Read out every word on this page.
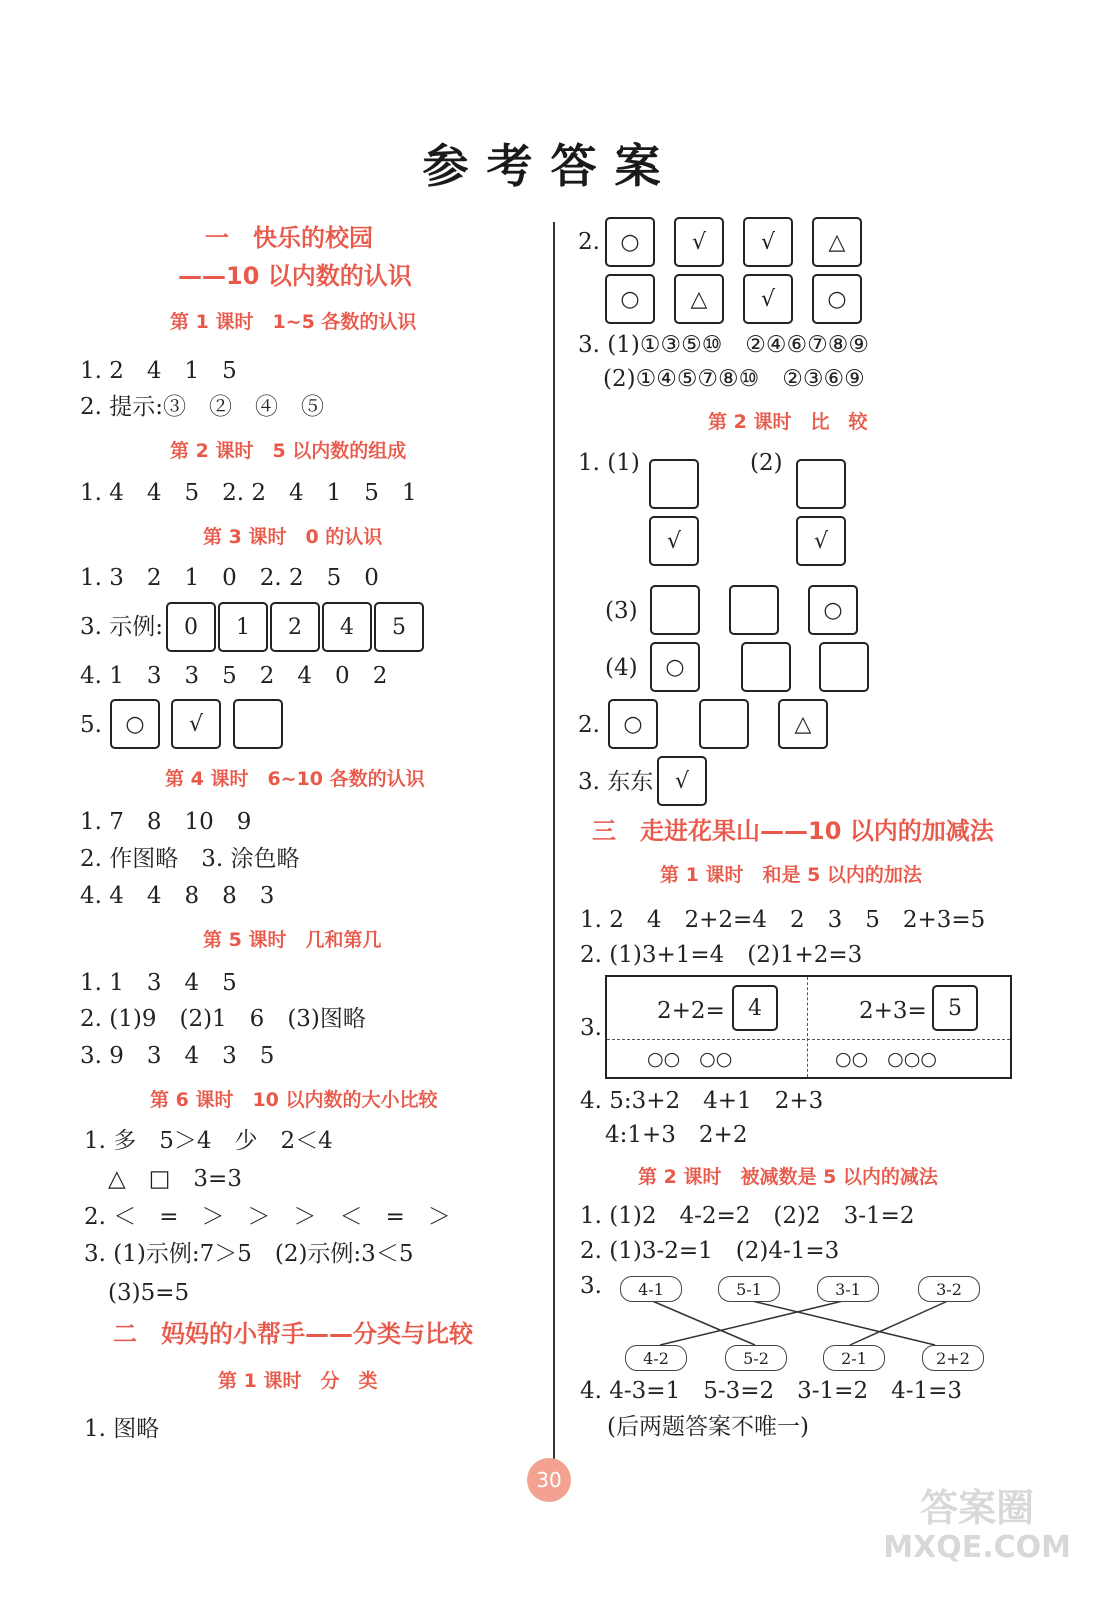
参考答案
一　快乐的校园
——10 以内数的认识
第 1 课时　1~5 各数的认识
1. 2　4　1　5
2. 提示:③　②　④　⑤
第 2 课时　5 以内数的组成
1. 4　4　5　2. 2　4　1　5　1
第 3 课时　0 的认识
1. 3　2　1　0　2. 2　5　0
3. 示例: 0	1	2	4	5
4. 1　3　3　5　2　4　0　2
5.	○	√
第 4 课时　6~10 各数的认识
1. 7　8　10　9
2. 作图略　3. 涂色略
4. 4　4　8　8　3
第 5 课时　几和第几
1. 1　3　4　5
2. (1)9　(2)1　6　(3)图略
3. 9　3　4　3　5
第 6 课时　10 以内数的大小比较
1. 多　5＞4　少　2＜4
△　□　3=3
2. ＜　=　＞　＞　＞　＜　=　＞
3. (1)示例:7＞5　(2)示例:3＜5
(3)5=5
二　妈妈的小帮手——分类与比较
第 1 课时　分　类
1. 图略
2. ○	√	√	△
○	△	√	○
3. (1)①③⑤⑩　②④⑥⑦⑧⑨
(2)①④⑤⑦⑧⑩　②③⑥⑨
第 2 课时　比　较
1. (1)	(2)
√	√
(3)	○
(4)	○
2.	○	△
3. 东东 √
三　走进花果山——10 以内的加减法
第 1 课时　和是 5 以内的加法
1. 2　4　2+2=4　2　3　5　2+3=5
2. (1)3+1=4　(2)1+2=3
3.
2+2=	4	2+3= 5
○○　○○	○○　○○○
4. 5:3+2　4+1　2+3
4:1+3　2+2
第 2 课时　被减数是 5 以内的减法
1. (1)2　4-2=2　(2)2　3-1=2
2. (1)3-2=1　(2)4-1=3
3.	4-1	5-1	3-1	3-2
4-2	5-2	2-1	2+2
4. 4-3=1　5-3=2　3-1=2　4-1=3
(后两题答案不唯一)
30
答案圈
MXQE.COM
